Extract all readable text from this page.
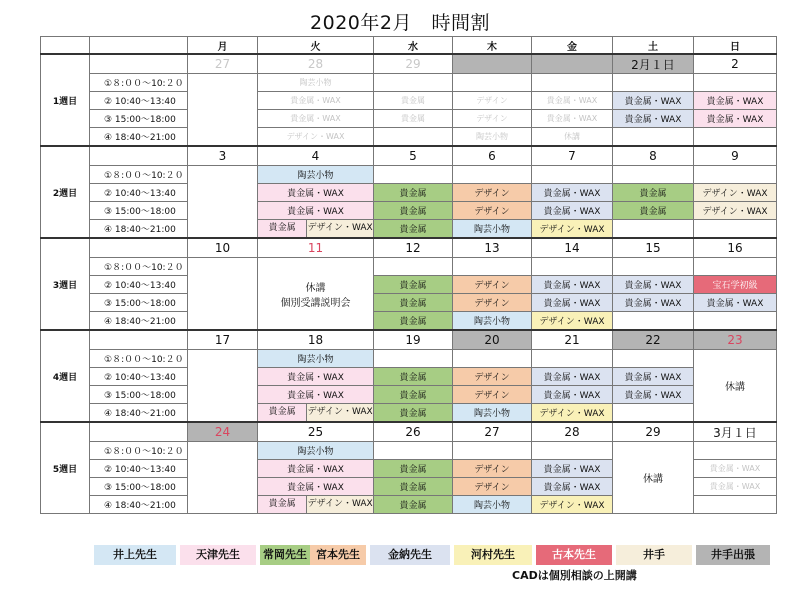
2020年2月　時間割
		月	火	水	木	金	土	日
1週目		27	28	29			2月１日	2
	①８:００〜10:２０		陶芸小物					
	② 10:40〜13:40		貴金属・WAX	貴金属	デザイン	貴金属・WAX	貴金属・WAX	貴金属・WAX
	③ 15:00〜18:00		貴金属・WAX	貴金属	デザイン	貴金属・WAX	貴金属・WAX	貴金属・WAX
	④ 18:40〜21:00		デザイン・WAX		陶芸小物	休講		
2週目		3	4	5	6	7	8	9
	①８:００〜10:２０		陶芸小物					
	② 10:40〜13:40		貴金属・WAX	貴金属	デザイン	貴金属・WAX	貴金属	デザイン・WAX
	③ 15:00〜18:00		貴金属・WAX	貴金属	デザイン	貴金属・WAX	貴金属	デザイン・WAX
	④ 18:40〜21:00		貴金属 デザイン・WAX	貴金属	陶芸小物	デザイン・WAX		
3週目		10	11	12	13	14	15	16
	①８:００〜10:２０		休講
個別受講説明会					

	② 10:40〜13:40			貴金属	デザイン	貴金属・WAX	貴金属・WAX	宝石学初級
	③ 15:00〜18:00			貴金属	デザイン	貴金属・WAX	貴金属・WAX	貴金属・WAX
	④ 18:40〜21:00			貴金属	陶芸小物	デザイン・WAX		
4週目		17	18	19	20	21	22	23
	①８:００〜10:２０		陶芸小物					休講
	② 10:40〜13:40		貴金属・WAX	貴金属	デザイン	貴金属・WAX	貴金属・WAX	
	③ 15:00〜18:00		貴金属・WAX	貴金属	デザイン	貴金属・WAX	貴金属・WAX	
	④ 18:40〜21:00		貴金属 デザイン・WAX	貴金属	陶芸小物	デザイン・WAX		
5週目		24	25	26	27	28	29	3月１日
	①８:００〜10:２０		陶芸小物				休講	
	② 10:40〜13:40		貴金属・WAX	貴金属	デザイン	貴金属・WAX		貴金属・WAX
	③ 15:00〜18:00		貴金属・WAX	貴金属	デザイン	貴金属・WAX		貴金属・WAX
	④ 18:40〜21:00		貴金属 デザイン・WAX	貴金属	陶芸小物	デザイン・WAX		
井上先生	天津先生	常岡先生 宮本先生	金納先生	河村先生	古本先生	井手	井手出張
CADは個別相談の上開講
